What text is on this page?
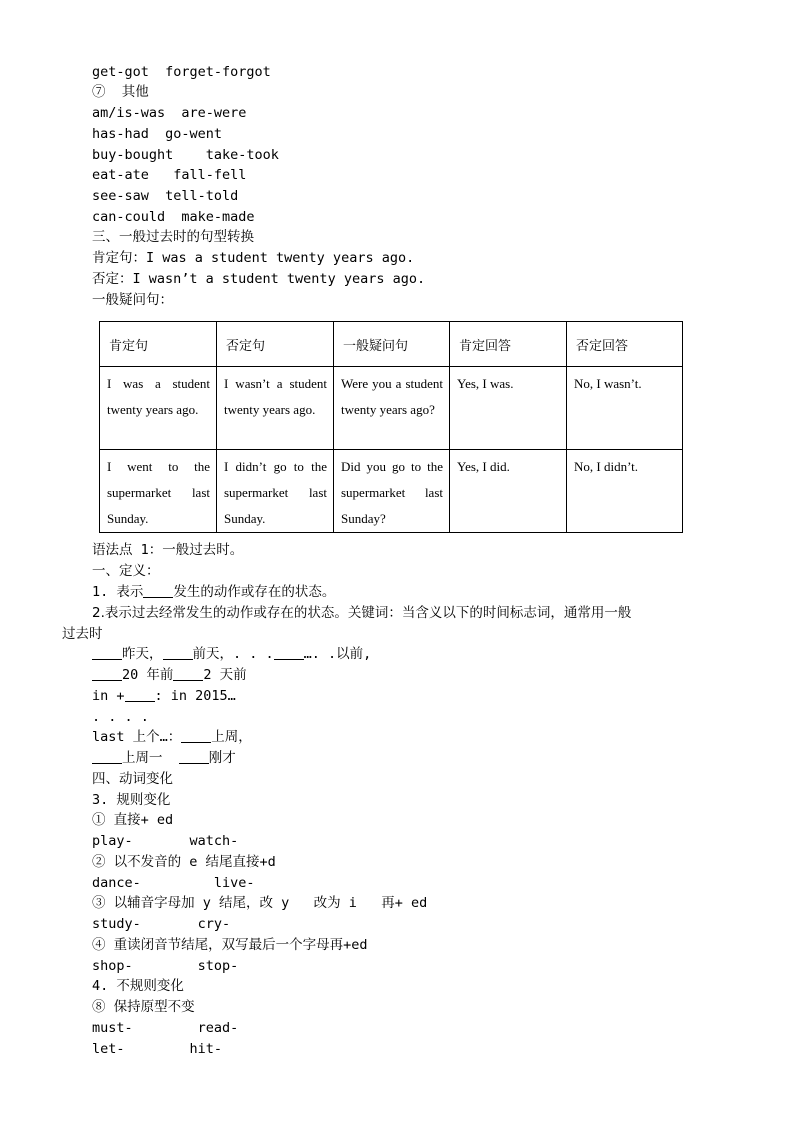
get-got  forget-forgot
⑦  其他
am/is-was  are-were
has-had  go-went
buy-bought    take-took
eat-ate   fall-fell
see-saw  tell-told
can-could  make-made
三、一般过去时的句型转换
肯定句：I was a student twenty years ago.
否定：I wasn’t a student twenty years ago.
一般疑问句：
肯定句	否定句	一般疑问句	肯定回答	否定回答
I was a student twenty years ago.	I wasn’t a student twenty years ago.	Were you a student twenty years ago?	Yes, I was.	No, I wasn’t.
I went to the supermarket last Sunday.	I didn’t go to the supermarket last Sunday.	Did you go to the supermarket last Sunday?	Yes, I did.	No, I didn’t.
语法点 1：一般过去时。
一、定义：
1. 表示 发生的动作或存在的状态。
2.表示过去经常发生的动作或存在的状态。关键词：当含义以下的时间标志词，通常用一般
过去时
昨天， 前天，. . . …. .以前,
20 年前 2 天前
in + : in 2015…
. . . .
last 上个…： 上周，
上周一  刚才
四、动词变化
3. 规则变化
① 直接+ ed
play-       watch-
② 以不发音的 e 结尾直接+d
dance-         live-
③ 以辅音字母加 y 结尾，改 y   改为 i   再+ ed
study-       cry-
④ 重读闭音节结尾，双写最后一个字母再+ed
shop-        stop-
4. 不规则变化
⑧ 保持原型不变
must-        read-
let-        hit-
